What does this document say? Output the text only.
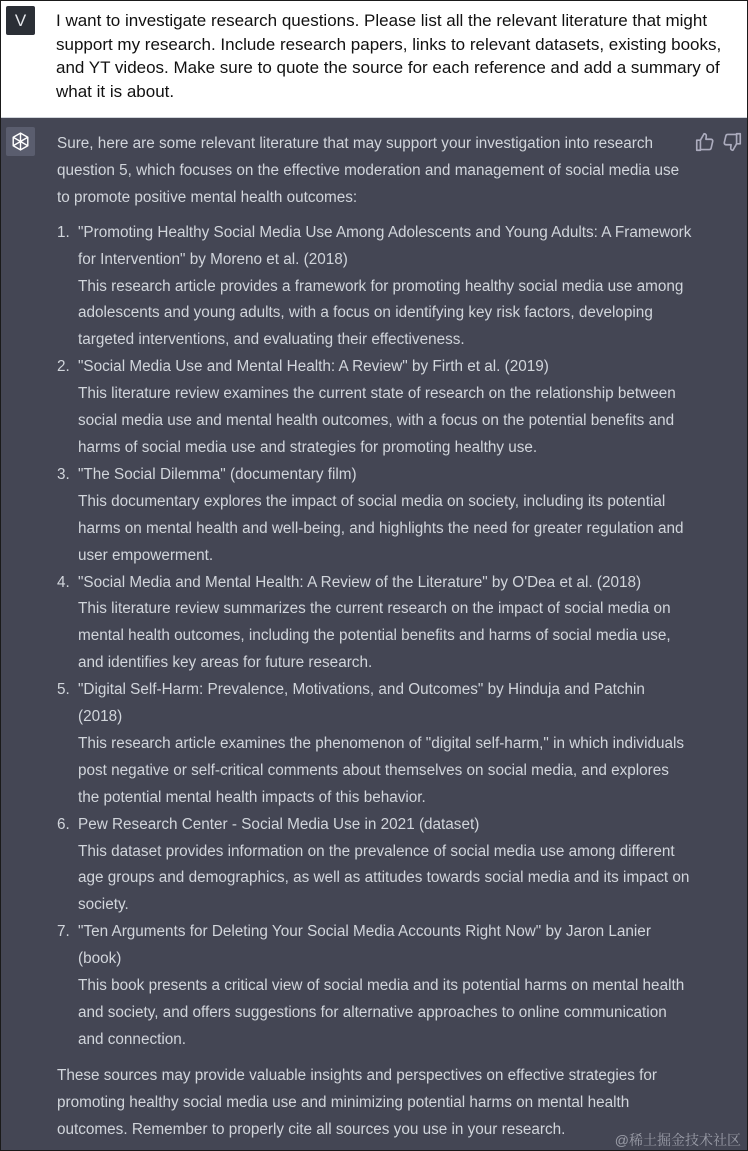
V	I want to investigate research questions. Please list all the relevant literature that might support my research. Include research papers, links to relevant datasets, existing books, and YT videos. Make sure to quote the source for each reference and add a summary of what it is about.

Sure, here are some relevant literature that may support your investigation into research question 5, which focuses on the effective moderation and management of social media use to promote positive mental health outcomes:

1. "Promoting Healthy Social Media Use Among Adolescents and Young Adults: A Framework for Intervention" by Moreno et al. (2018)
This research article provides a framework for promoting healthy social media use among adolescents and young adults, with a focus on identifying key risk factors, developing targeted interventions, and evaluating their effectiveness.
2. "Social Media Use and Mental Health: A Review" by Firth et al. (2019)
This literature review examines the current state of research on the relationship between social media use and mental health outcomes, with a focus on the potential benefits and harms of social media use and strategies for promoting healthy use.
3. "The Social Dilemma" (documentary film)
This documentary explores the impact of social media on society, including its potential harms on mental health and well-being, and highlights the need for greater regulation and user empowerment.
4. "Social Media and Mental Health: A Review of the Literature" by O'Dea et al. (2018)
This literature review summarizes the current research on the impact of social media on mental health outcomes, including the potential benefits and harms of social media use, and identifies key areas for future research.
5. "Digital Self-Harm: Prevalence, Motivations, and Outcomes" by Hinduja and Patchin (2018)
This research article examines the phenomenon of "digital self-harm," in which individuals post negative or self-critical comments about themselves on social media, and explores the potential mental health impacts of this behavior.
6. Pew Research Center - Social Media Use in 2021 (dataset)
This dataset provides information on the prevalence of social media use among different age groups and demographics, as well as attitudes towards social media and its impact on society.
7. "Ten Arguments for Deleting Your Social Media Accounts Right Now" by Jaron Lanier (book)
This book presents a critical view of social media and its potential harms on mental health and society, and offers suggestions for alternative approaches to online communication and connection.

These sources may provide valuable insights and perspectives on effective strategies for promoting healthy social media use and minimizing potential harms on mental health outcomes. Remember to properly cite all sources you use in your research.

@稀土掘金技术社区
